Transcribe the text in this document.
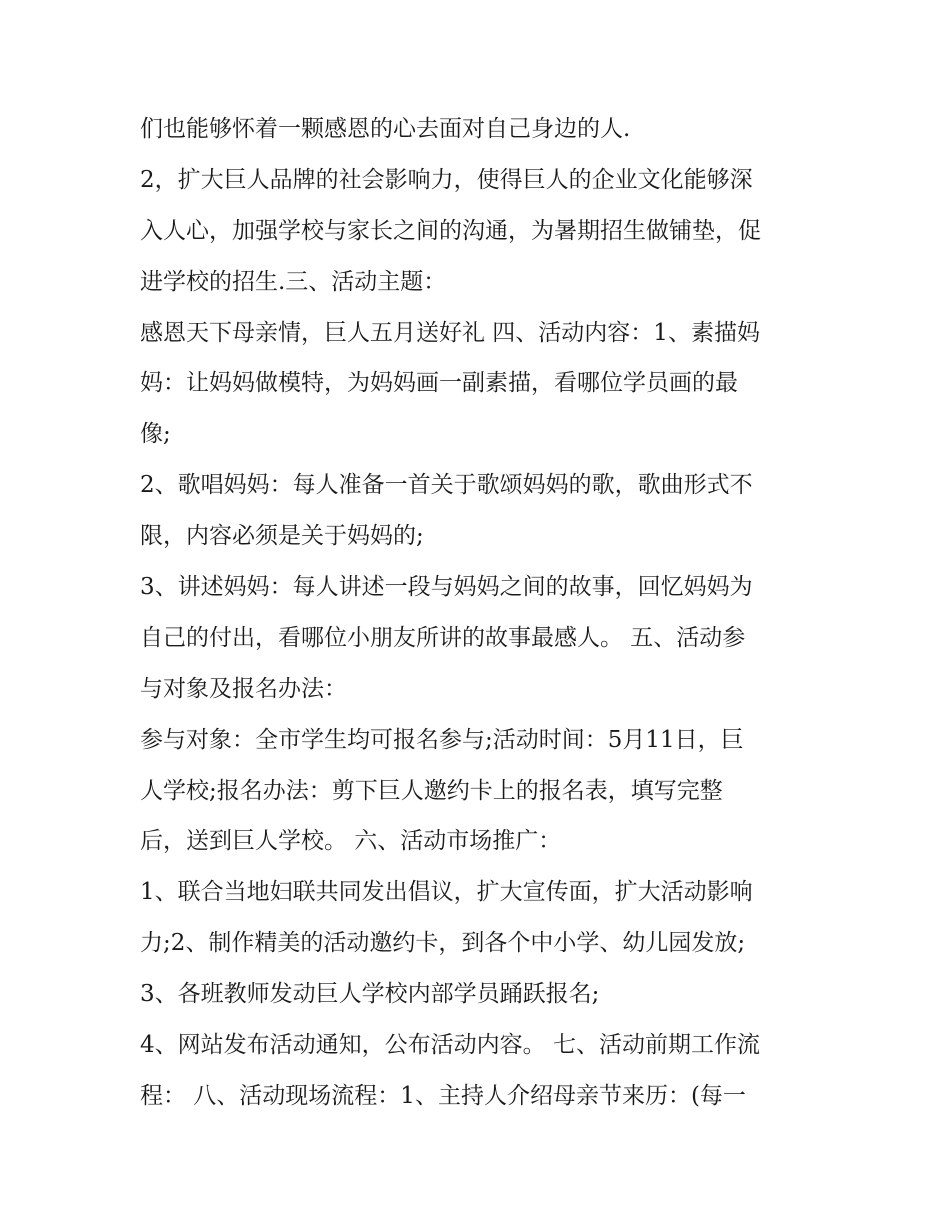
们也能够怀着一颗感恩的心去面对自己身边的人.
2，扩大巨人品牌的社会影响力，使得巨人的企业文化能够深
入人心，加强学校与家长之间的沟通，为暑期招生做铺垫，促
进学校的招生.三、活动主题：
感恩天下母亲情，巨人五月送好礼 四、活动内容：1、素描妈
妈：让妈妈做模特，为妈妈画一副素描，看哪位学员画的最
像;
2、歌唱妈妈：每人准备一首关于歌颂妈妈的歌，歌曲形式不
限，内容必须是关于妈妈的;
3、讲述妈妈：每人讲述一段与妈妈之间的故事，回忆妈妈为
自己的付出，看哪位小朋友所讲的故事最感人。 五、活动参
与对象及报名办法：
参与对象：全市学生均可报名参与;活动时间：5月11日，巨
人学校;报名办法：剪下巨人邀约卡上的报名表，填写完整
后，送到巨人学校。 六、活动市场推广：
1、联合当地妇联共同发出倡议，扩大宣传面，扩大活动影响
力;2、制作精美的活动邀约卡，到各个中小学、幼儿园发放;
3、各班教师发动巨人学校内部学员踊跃报名;
4、网站发布活动通知，公布活动内容。 七、活动前期工作流
程： 八、活动现场流程：1、主持人介绍母亲节来历：(每一
